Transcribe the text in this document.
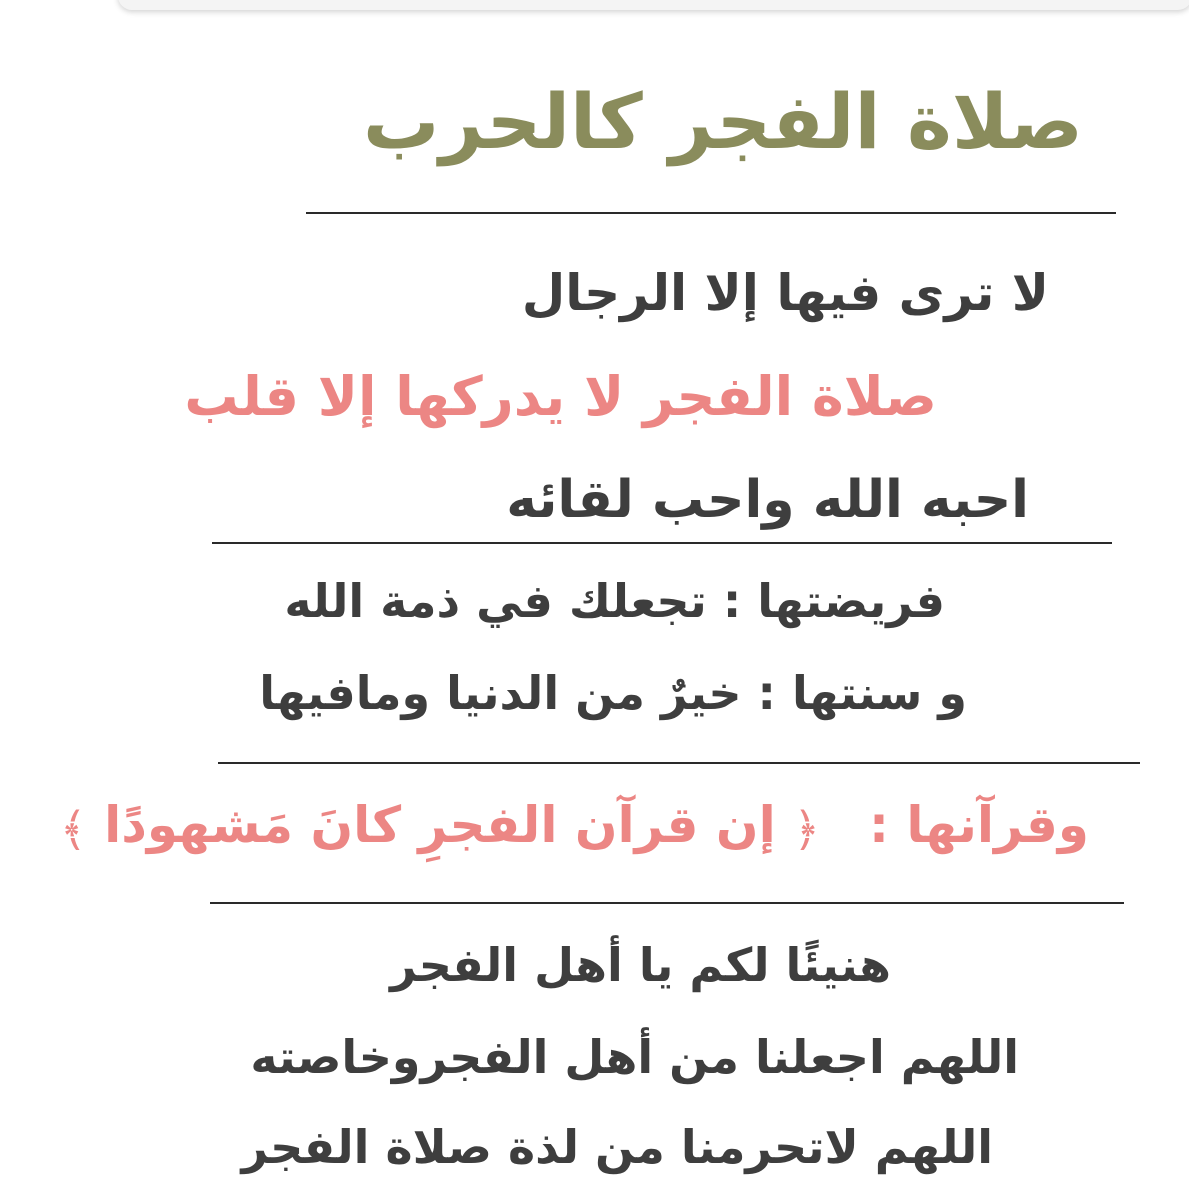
صلاة الفجر كالحرب
لا ترى فيها إلا الرجال
صلاة الفجر لا يدركها إلا قلب
احبه الله واحب لقائه
فريضتها : تجعلك في ذمة الله
و سنتها : خيرٌ من الدنيا ومافيها
وقرآنها :  ﴿ إن قرآن الفجرِ كانَ مَشهودًا ﴾
هنيئًا لكم يا أهل الفجر
اللهم اجعلنا من أهل الفجروخاصته
اللهم لاتحرمنا من لذة صلاة الفجر
